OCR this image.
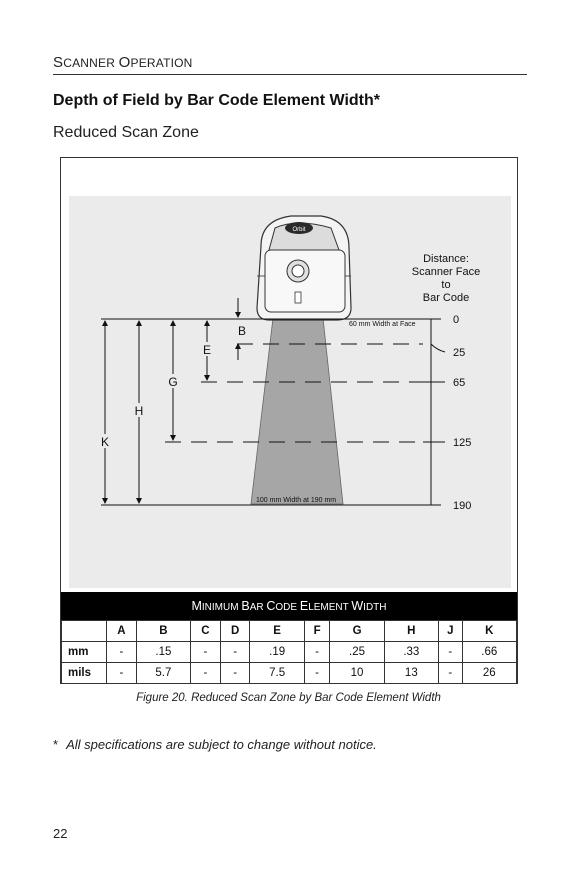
SCANNER OPERATION
Depth of Field by Bar Code Element Width*
Reduced Scan Zone
Orbit
B
E
G
H
K
60 mm Width at Face
100 mm Width at 190 mm
0
25
65
125
190
Distance:
Scanner Face
to
Bar Code
MINIMUM BAR CODE ELEMENT WIDTH
	A	B	C	D	E	F	G	H	J	K
mm	-	.15	-	-	.19	-	.25	.33	-	.66
mils	-	5.7	-	-	7.5	-	10	13	-	26
Figure 20. Reduced Scan Zone by Bar Code Element Width
* All specifications are subject to change without notice.
22
